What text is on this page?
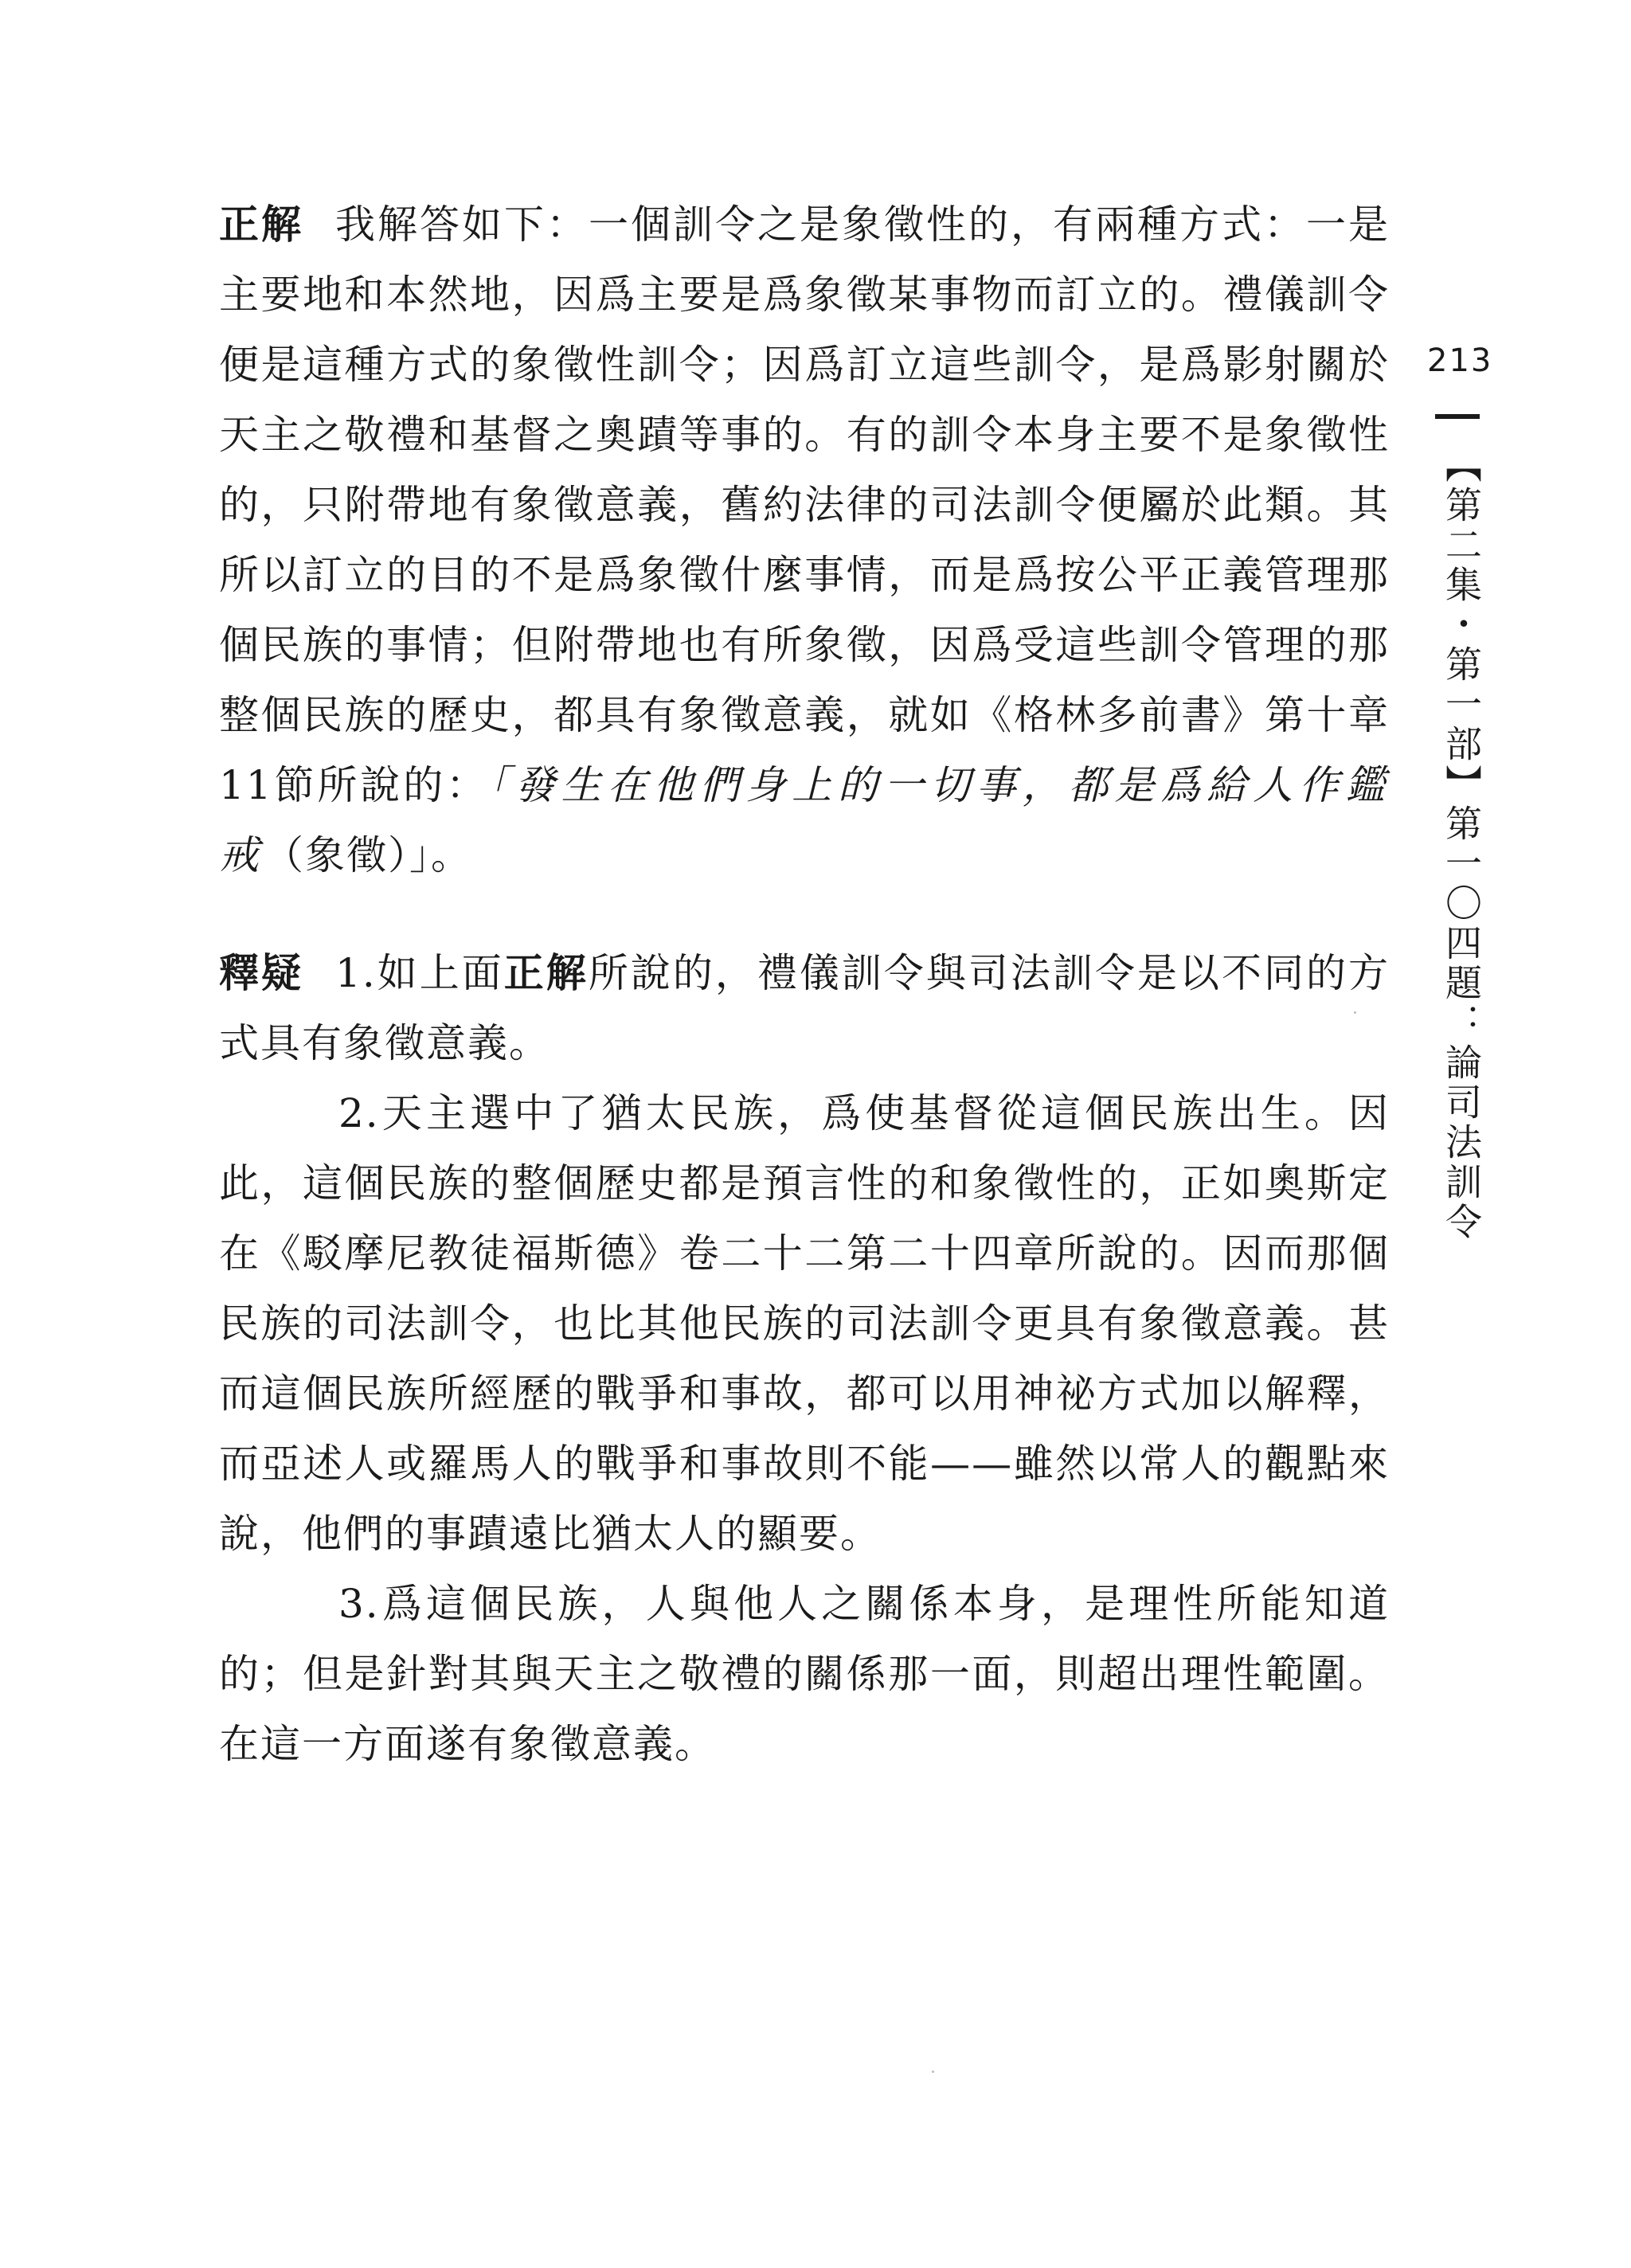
正解 我解答如下：一個訓令之是象徵性的，有兩種方式：一是主要地和本然地，因爲主要是爲象徵某事物而訂立的。禮儀訓令便是這種方式的象徵性訓令；因爲訂立這些訓令，是爲影射關於天主之敬禮和基督之奧蹟等事的。有的訓令本身主要不是象徵性的，只附帶地有象徵意義，舊約法律的司法訓令便屬於此類。其所以訂立的目的不是爲象徵什麼事情，而是爲按公平正義管理那個民族的事情；但附帶地也有所象徵，因爲受這些訓令管理的那整個民族的歷史，都具有象徵意義，就如《格林多前書》第十章11節所說的：「發生在他們身上的一切事，都是爲給人作鑑戒（象徵）」。

釋疑 1.如上面正解所說的，禮儀訓令與司法訓令是以不同的方式具有象徵意義。

2.天主選中了猶太民族，爲使基督從這個民族出生。因此，這個民族的整個歷史都是預言性的和象徵性的，正如奧斯定在《駁摩尼教徒福斯德》卷二十二第二十四章所說的。因而那個民族的司法訓令，也比其他民族的司法訓令更具有象徵意義。甚而這個民族所經歷的戰爭和事故，都可以用神祕方式加以解釋，而亞述人或羅馬人的戰爭和事故則不能——雖然以常人的觀點來說，他們的事蹟遠比猶太人的顯要。

3.爲這個民族，人與他人之關係本身，是理性所能知道的；但是針對其與天主之敬禮的關係那一面，則超出理性範圍。在這一方面遂有象徵意義。

213
【第二集・第一部】第一〇四題：論司法訓令
